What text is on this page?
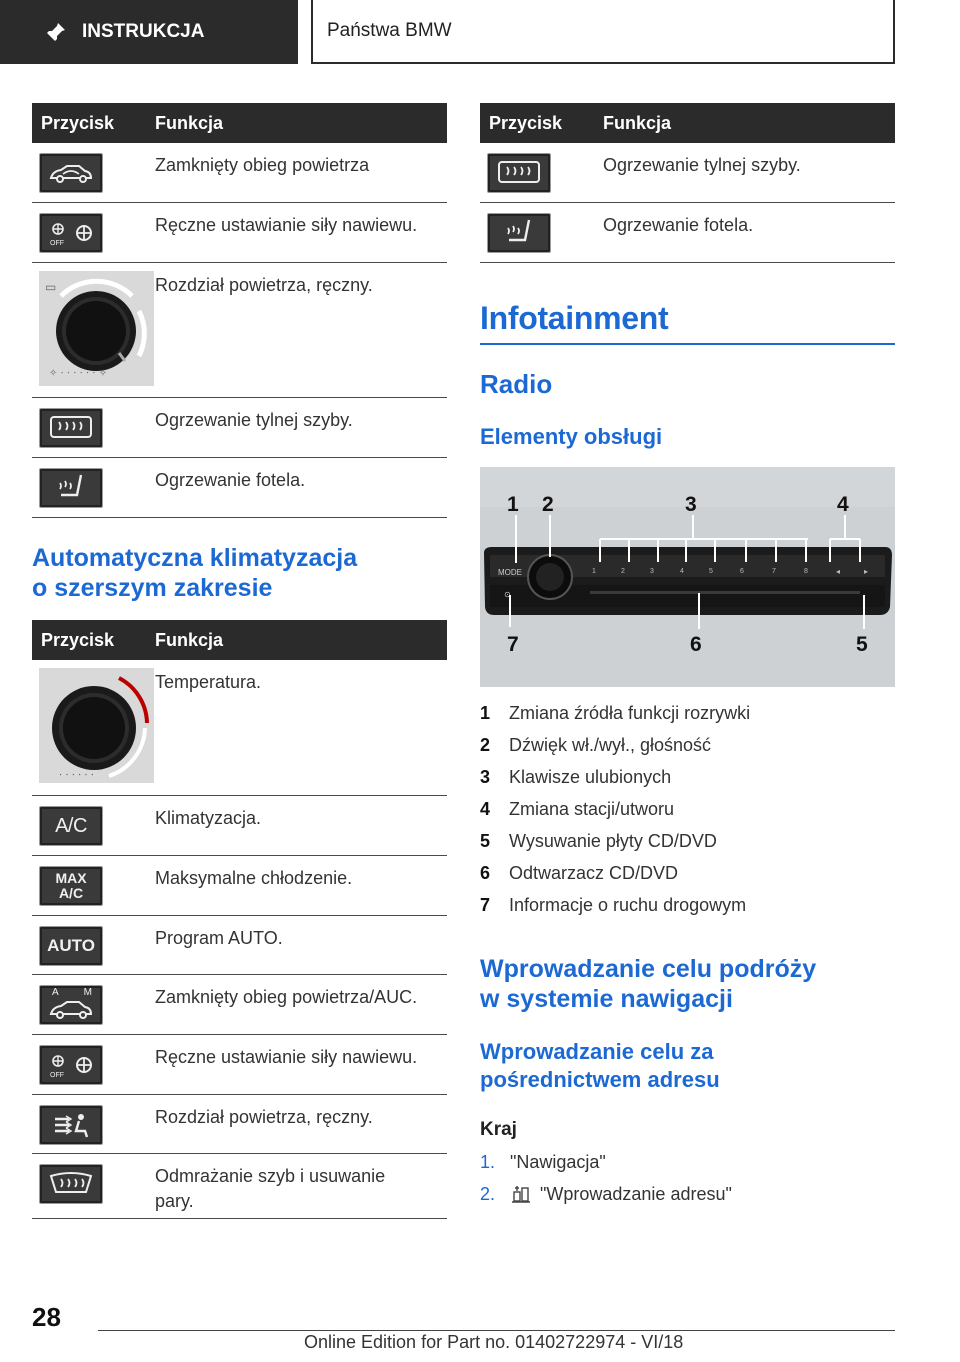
INSTRUKCJA	Państwa BMW
Przycisk	Funkcja
Zamknięty obieg powietrza
OFF
Ręczne ustawianie siły nawiewu.
✧ ⋅ ⋅ ⋅ ⋅ ⋅ ⋅ ✧
▭	Rozdział powietrza, ręczny.
Ogrzewanie tylnej szyby.
Ogrzewanie fotela.
Automatyczna klimatyzacja
o szerszym zakresie
Przycisk	Funkcja
⋅ ⋅ ⋅ ⋅ ⋅ ⋅
Temperatura.
A/C	Klimatyzacja.
MAX
A/C
Maksymalne chłodzenie.
AUTO	Program AUTO.
A M	Zamknięty obieg powietrza/AUC.
OFF
Ręczne ustawianie siły nawiewu.
Rozdział powietrza, ręczny.
Odmrażanie szyb i usuwanie
pary.
Przycisk	Funkcja
Ogrzewanie tylnej szyby.
Ogrzewanie fotela.
Infotainment
Radio
Elementy obsługi
MODE
⊙
1	2	3	4	5	6	7	8	◂	▸
1 2	3	4
5
6
7
1	Zmiana źródła funkcji rozrywki
2	Dźwięk wł./wył., głośność
3	Klawisze ulubionych
4	Zmiana stacji/utworu
5	Wysuwanie płyty CD/DVD
6	Odtwarzacz CD/DVD
7	Informacje o ruchu drogowym
Wprowadzanie celu podróży
w systemie nawigacji
Wprowadzanie celu za
pośrednictwem adresu
Kraj
1. "Nawigacja"
2.	"Wprowadzanie adresu"
28
Online Edition for Part no. 01402722974 - VI/18
